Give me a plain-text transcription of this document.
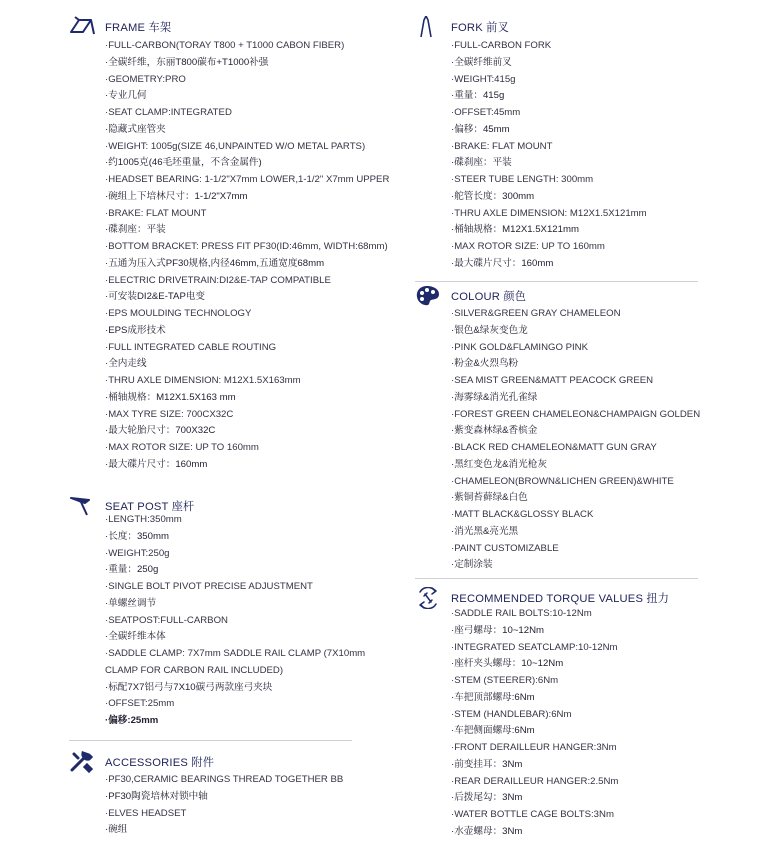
FRAME 车架
·FULL-CARBON(TORAY T800 + T1000 CABON FIBER)
·全碳纤维，东丽T800碳布+T1000补强
·GEOMETRY:PRO
·专业几何
·SEAT CLAMP:INTEGRATED
·隐藏式座管夹
·WEIGHT: 1005g(SIZE 46,UNPAINTED W/O METAL PARTS)
·约1005克(46毛坯重量，不含金属件)
·HEADSET BEARING: 1-1/2"X7mm LOWER,1-1/2" X7mm UPPER
·碗组上下培林尺寸：1-1/2"X7mm
·BRAKE: FLAT MOUNT
·碟刹座：平装
·BOTTOM BRACKET: PRESS FIT PF30(ID:46mm, WIDTH:68mm)
·五通为压入式PF30规格,内径46mm,五通宽度68mm
·ELECTRIC DRIVETRAIN:DI2&E-TAP COMPATIBLE
·可安装DI2&E-TAP电变
·EPS MOULDING TECHNOLOGY
·EPS成形技术
·FULL INTEGRATED CABLE ROUTING
·全内走线
·THRU AXLE DIMENSION: M12X1.5X163mm
·桶轴规格：M12X1.5X163 mm
·MAX TYRE SIZE: 700CX32C
·最大轮胎尺寸：700X32C
·MAX ROTOR SIZE: UP TO 160mm
·最大碟片尺寸：160mm
SEAT POST 座杆
·LENGTH:350mm
·长度：350mm
·WEIGHT:250g
·重量：250g
·SINGLE BOLT PIVOT PRECISE ADJUSTMENT
·单螺丝调节
·SEATPOST:FULL-CARBON
·全碳纤维本体
·SADDLE CLAMP: 7X7mm SADDLE RAIL CLAMP (7X10mm
CLAMP FOR CARBON RAIL INCLUDED)
·标配7X7铝弓与7X10碳弓两款座弓夹块
·OFFSET:25mm
·偏移:25mm
ACCESSORIES 附件
·PF30,CERAMIC BEARINGS THREAD TOGETHER BB
·PF30陶瓷培林对锁中轴
·ELVES HEADSET
·碗组
FORK 前叉
·FULL-CARBON FORK
·全碳纤维前叉
·WEIGHT:415g
·重量：415g
·OFFSET:45mm
·偏移：45mm
·BRAKE: FLAT MOUNT
·碟刹座：平装
·STEER TUBE LENGTH: 300mm
·舵管长度：300mm
·THRU AXLE DIMENSION: M12X1.5X121mm
·桶轴规格：M12X1.5X121mm
·MAX ROTOR SIZE: UP TO 160mm
·最大碟片尺寸：160mm
COLOUR 颜色
·SILVER&GREEN GRAY CHAMELEON
·银色&绿灰变色龙
·PINK GOLD&FLAMINGO PINK
·粉金&火烈鸟粉
·SEA MIST GREEN&MATT PEACOCK GREEN
·海雾绿&消光孔雀绿
·FOREST GREEN CHAMELEON&CHAMPAIGN GOLDEN
·紫变森林绿&香槟金
·BLACK RED CHAMELEON&MATT GUN GRAY
·黑红变色龙&消光枪灰
·CHAMELEON(BROWN&LICHEN GREEN)&WHITE
·紫铜苔藓绿&白色
·MATT BLACK&GLOSSY BLACK
·消光黑&亮光黑
·PAINT CUSTOMIZABLE
·定制涂装
RECOMMENDED TORQUE VALUES 扭力
·SADDLE RAIL BOLTS:10-12Nm
·座弓螺母：10~12Nm
·INTEGRATED SEATCLAMP:10-12Nm
·座杆夹头螺母：10~12Nm
·STEM (STEERER):6Nm
·车把顶部螺母:6Nm
·STEM (HANDLEBAR):6Nm
·车把侧面螺母:6Nm
·FRONT DERAILLEUR HANGER:3Nm
·前变挂耳：3Nm
·REAR DERAILLEUR HANGER:2.5Nm
·后拨尾勾：3Nm
·WATER BOTTLE CAGE BOLTS:3Nm
·水壶螺母：3Nm
